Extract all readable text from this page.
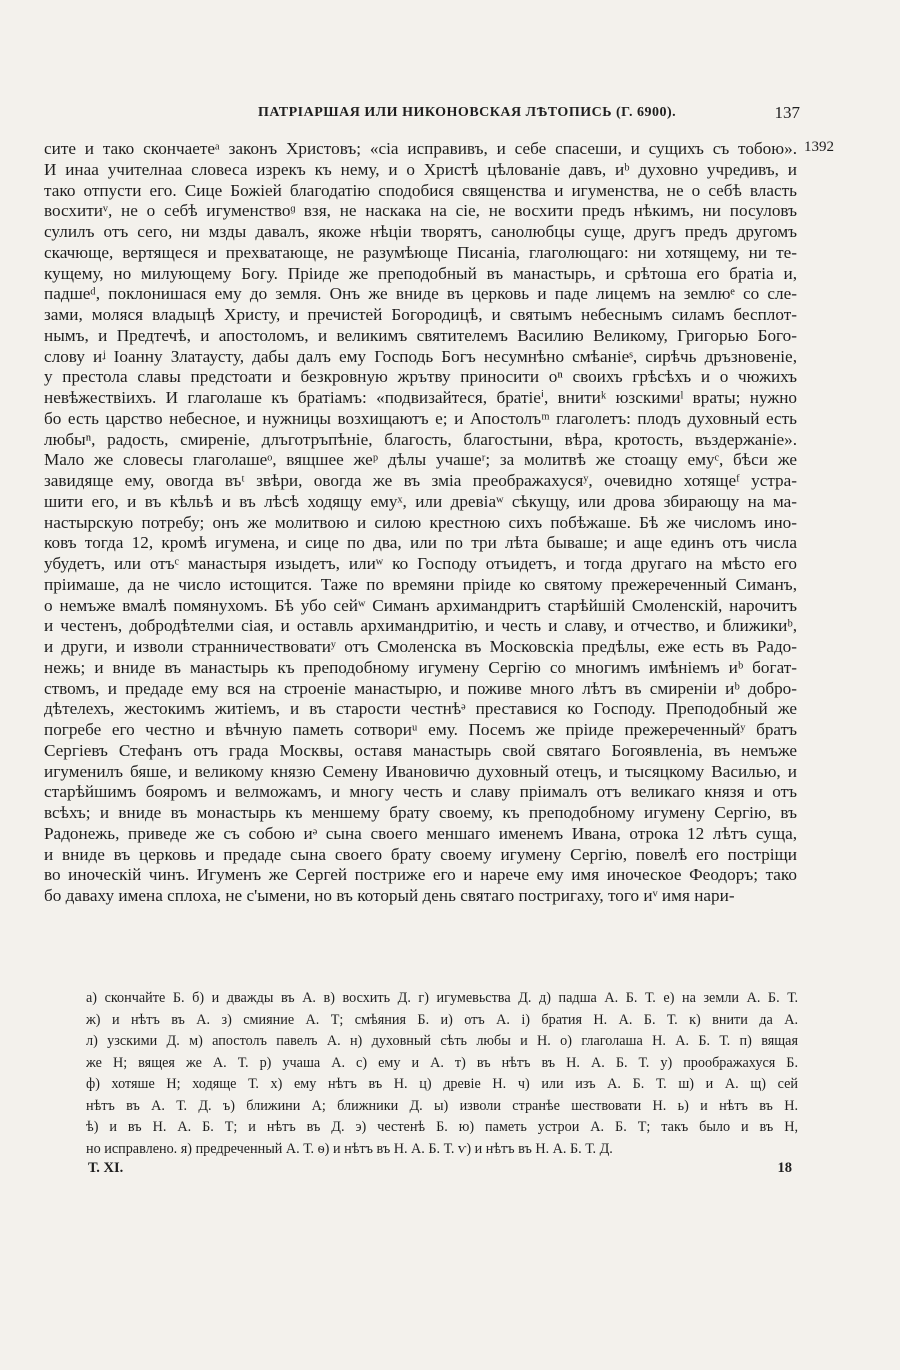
ПАТРІАРШАЯ ИЛИ НИКОНОВСКАЯ ЛѢТОПИСЬ (Г. 6900).	137
1392
сите и тако скончаетеᵃ законъ Христовъ; «сіа исправивъ, и себе спасеши, и сущихъ съ тобою».
И инаа учителнаа словеса изрекъ къ нему, и о Христѣ цѣлованіе давъ, иᵇ духовно учредивъ, и
тако отпусти его. Сице Божіей благодатію сподобися священства и игуменства, не о себѣ власть
восхитиᵛ, не о себѣ игуменствоᶢ взя, не наскака на сіе, не восхити предъ нѣкимъ, ни посуловъ
сулилъ отъ сего, ни мзды давалъ, якоже нѣцiи творятъ, санолюбцы суще, другъ предъ другомъ
скачюще, вертящеся и прехватающе, не разумѣюще Писаніа, глаголющаго: ни хотящему, ни те-
кущему, но милующему Богу. Пріиде же преподобный въ манастырь, и срѣтоша его братіа и,
падшеᵈ, поклонишася ему до земля. Онъ же вниде въ церковь и паде лицемъ на землюᵉ со сле-
зами, моляся владыцѣ Христу, и пречистей Богородицѣ, и святымъ небеснымъ силамъ бесплот-
нымъ, и Предтечѣ, и апостоломъ, и великимъ святителемъ Василию Великому, Григорью Бого-
слову иᶨ Іоанну Златаусту, дабы далъ ему Господь Богъ несумнѣно смѣаніеˢ, сирѣчь дръзновеніе,
у престола славы предстоати и безкровную жрътву приносити оⁿ своихъ грѣсѣхъ и о чюжихъ
невѣжествіихъ. И глаголаше къ братіамъ: «подвизайтеся, братіеⁱ, внитиᵏ юзскимиˡ враты; нужно
бо есть царство небесное, и нужницы возхищаютъ е; и Апостолъᵐ глаголетъ: плодъ духовный есть
любыⁿ, радость, смиреніе, длъготръпѣніе, благость, благостыни, вѣра, кротость, въздержаніе».
Мало же словесы глаголашеᵒ, вящшее жеᵖ дѣлы учашеʳ; за молитвѣ же стоащу емуᶜ, бѣси же
завидяще ему, овогда въᵗ звѣри, овогда же въ зміа преображахусяʸ, очевидно хотящеᶠ устра-
шити его, и въ кѣльѣ и въ лѣсѣ ходящу емуˣ, или древіаʷ сѣкущу, или дрова збирающу на ма-
настырскую потребу; онъ же молитвою и силою крестною сихъ побѣжаше. Бѣ же числомъ ино-
ковъ тогда 12, кромѣ игумена, и сице по два, или по три лѣта бываше; и аще единъ отъ числа
убудетъ, или отъᶜ манастыря изыдетъ, илиʷ ко Господу отъидетъ, и тогда другаго на мѣсто его
пріимаше, да не число истощится. Таже по времяни пріиде ко святому прежереченный Симанъ,
о немъже вмалѣ помянухомъ. Бѣ убо сейʷ Симанъ архимандритъ старѣйшій Смоленскій, нарочитъ
и честенъ, добродѣтелми сіая, и оставль архимандритію, и честь и славу, и отчество, и ближикиᵇ,
и други, и изволи странничествоватиʸ отъ Смоленска въ Московскіа предѣлы, еже есть въ Радо-
нежь; и вниде въ манастырь къ преподобному игумену Сергію со многимъ имѣніемъ иᵇ богат-
ствомъ, и предаде ему вся на строеніе манастырю, и поживе много лѣтъ въ смиреніи иᵇ добро-
дѣтелехъ, жестокимъ житіемъ, и въ старости честнѣᵊ преставися ко Господу. Преподобный же
погребе его честно и вѣчную паметь сотвориᵘ ему. Посемъ же пріиде прежереченныйʸ братъ
Сергіевъ Стефанъ отъ града Москвы, оставя манастырь свой святаго Богоявленіа, въ немъже
игуменилъ бяше, и великому князю Семену Ивановичю духовный отецъ, и тысяцкому Василью, и
старѣйшимъ бояромъ и велможамъ, и многу честь и славу пріималъ отъ великаго князя и отъ
всѣхъ; и вниде въ монастырь къ меншему брату своему, къ преподобному игумену Сергію, въ
Радонежь, приведе же съ собою иᵊ сына своего меншаго именемъ Ивана, отрока 12 лѣтъ суща,
и вниде въ церковь и предаде сына своего брату своему игумену Сергію, повелѣ его постріщи
во иноческій чинъ. Игуменъ же Сергей постриже его и нарече ему имя иноческое Феодоръ; тако
бо даваху имена сплоха, не с'ымени, но въ который день святаго постригаху, того иᵛ имя нари-
а) скончайте Б. б) и дважды въ А. в) восхить Д. г) игумевьства Д. д) падша А. Б. Т. е) на земли А. Б. Т.
ж) и нѣтъ въ А. з) смияние А. Т; смѣяния Б. и) отъ А. і) братия Н. А. Б. Т. к) внити да А.
л) узскими Д. м) апостолъ павелъ А. н) духовный сѣть любы и Н. о) глаголаша Н. А. Б. Т. п) вящая
же Н; вящея же А. Т. р) учаша А. с) ему и А. т) въ нѣтъ въ Н. А. Б. Т. у) проображахуся Б.
ф) хотяше Н; ходяще Т. х) ему нѣтъ въ Н. ц) древіе Н. ч) или изъ А. Б. Т. ш) и А. щ) сей
нѣтъ въ А. Т. Д. ъ) ближини А; ближники Д. ы) изволи странѣе шествовати Н. ь) и нѣтъ въ Н.
ѣ) и въ Н. А. Б. Т; и нѣтъ въ Д. э) честенѣ Б. ю) паметь устрои А. Б. Т; такъ было и въ Н,
но исправлено. я) предреченный А. Т. ѳ) и нѣтъ въ Н. А. Б. Т. ѵ) и нѣтъ въ Н. А. Б. Т. Д.
Т. XI.	18
